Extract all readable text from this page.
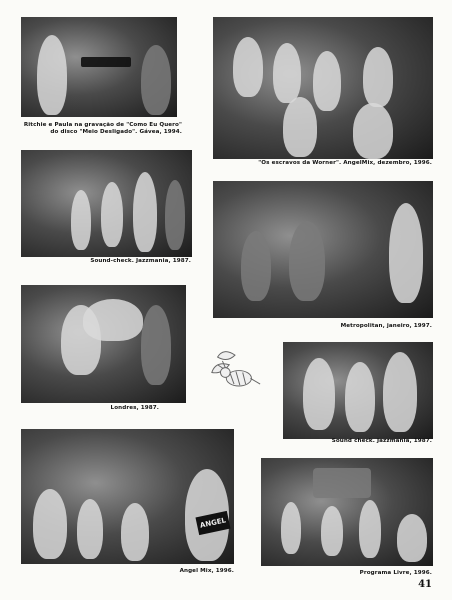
Ritchie e Paula na gravação de "Como Eu Quero"
do disco "Meio Desligado". Gávea, 1994.
"Os escravos da Worner". AngelMix, dezembro, 1996.
Sound-check. Jazzmania, 1987.
Metropolitan, janeiro, 1997.
Londres, 1987.
Sound check. Jazzmania, 1987.
ANGEL
Angel Mix, 1996.	Programa Livre, 1996.
41
